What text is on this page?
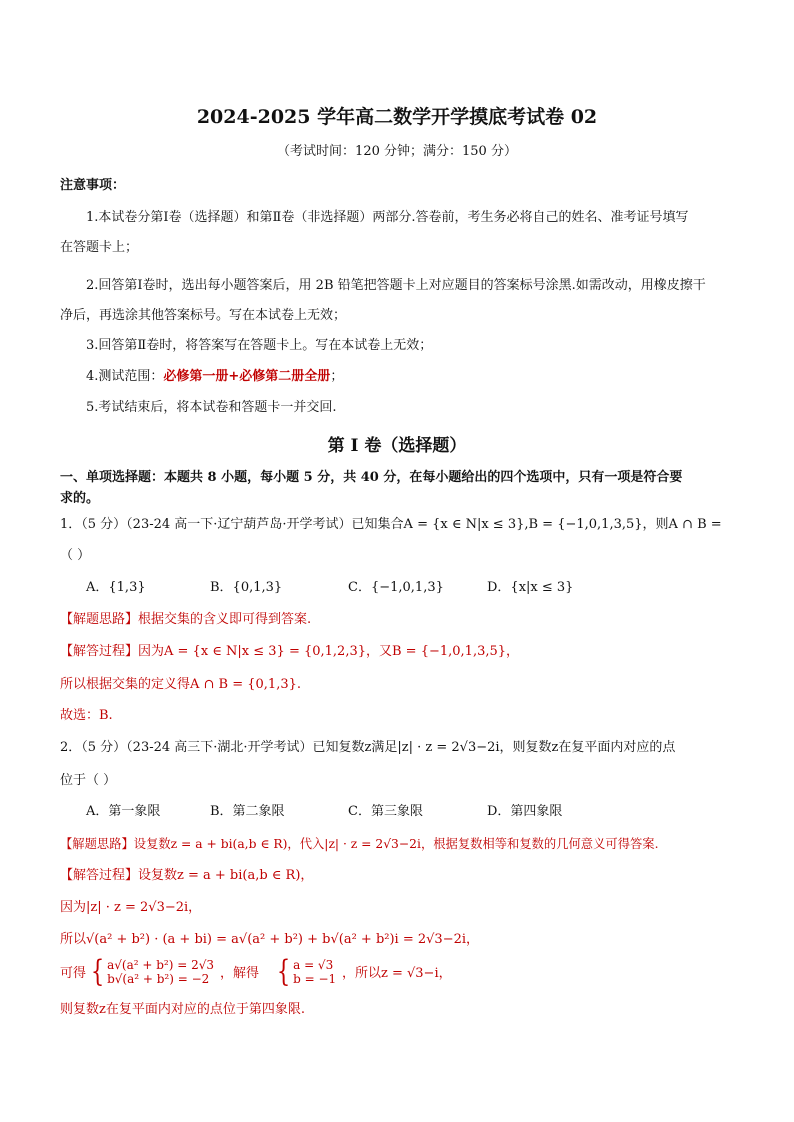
2024-2025 学年高二数学开学摸底考试卷 02
（考试时间：120 分钟；满分：150 分）
注意事项：
1.本试卷分第Ⅰ卷（选择题）和第Ⅱ卷（非选择题）两部分.答卷前，考生务必将自己的姓名、准考证号填写
在答题卡上；
2.回答第Ⅰ卷时，选出每小题答案后，用 2B 铅笔把答题卡上对应题目的答案标号涂黑.如需改动，用橡皮擦干
净后，再选涂其他答案标号。写在本试卷上无效；
3.回答第Ⅱ卷时，将答案写在答题卡上。写在本试卷上无效；
4.测试范围：必修第一册+必修第二册全册；
5.考试结束后，将本试卷和答题卡一并交回.
第 I 卷（选择题）
一、单项选择题：本题共 8 小题，每小题 5 分，共 40 分，在每小题给出的四个选项中，只有一项是符合要
求的。
1．（5 分）（23-24 高一下·辽宁葫芦岛·开学考试）已知集合A = {x ∈ N|x ≤ 3},B = {−1,0,1,3,5}，则A ∩ B =
（ ）
A．{1,3}	B．{0,1,3}	C．{−1,0,1,3}	D．{x|x ≤ 3}
【解题思路】根据交集的含义即可得到答案.
【解答过程】因为A = {x ∈ N|x ≤ 3} = {0,1,2,3}，又B = {−1,0,1,3,5}，
所以根据交集的定义得A ∩ B = {0,1,3}.
故选：B.
2．（5 分）（23-24 高三下·湖北·开学考试）已知复数z满足|z| · z = 2√3−2i，则复数z在复平面内对应的点
位于（ ）
A．第一象限	B．第二象限	C．第三象限	D．第四象限
【解题思路】设复数z = a + bi(a,b ∈ R)，代入|z| · z = 2√3−2i，根据复数相等和复数的几何意义可得答案.
【解答过程】设复数z = a + bi(a,b ∈ R)，
因为|z| · z = 2√3−2i，
所以√(a² + b²) · (a + bi) = a√(a² + b²) + b√(a² + b²)i = 2√3−2i，
可得 { a√(a² + b²) = 2√3
b√(a² + b²) = −2 ，解得 { a = √3
b = −1 ，所以z = √3−i，
则复数z在复平面内对应的点位于第四象限.
